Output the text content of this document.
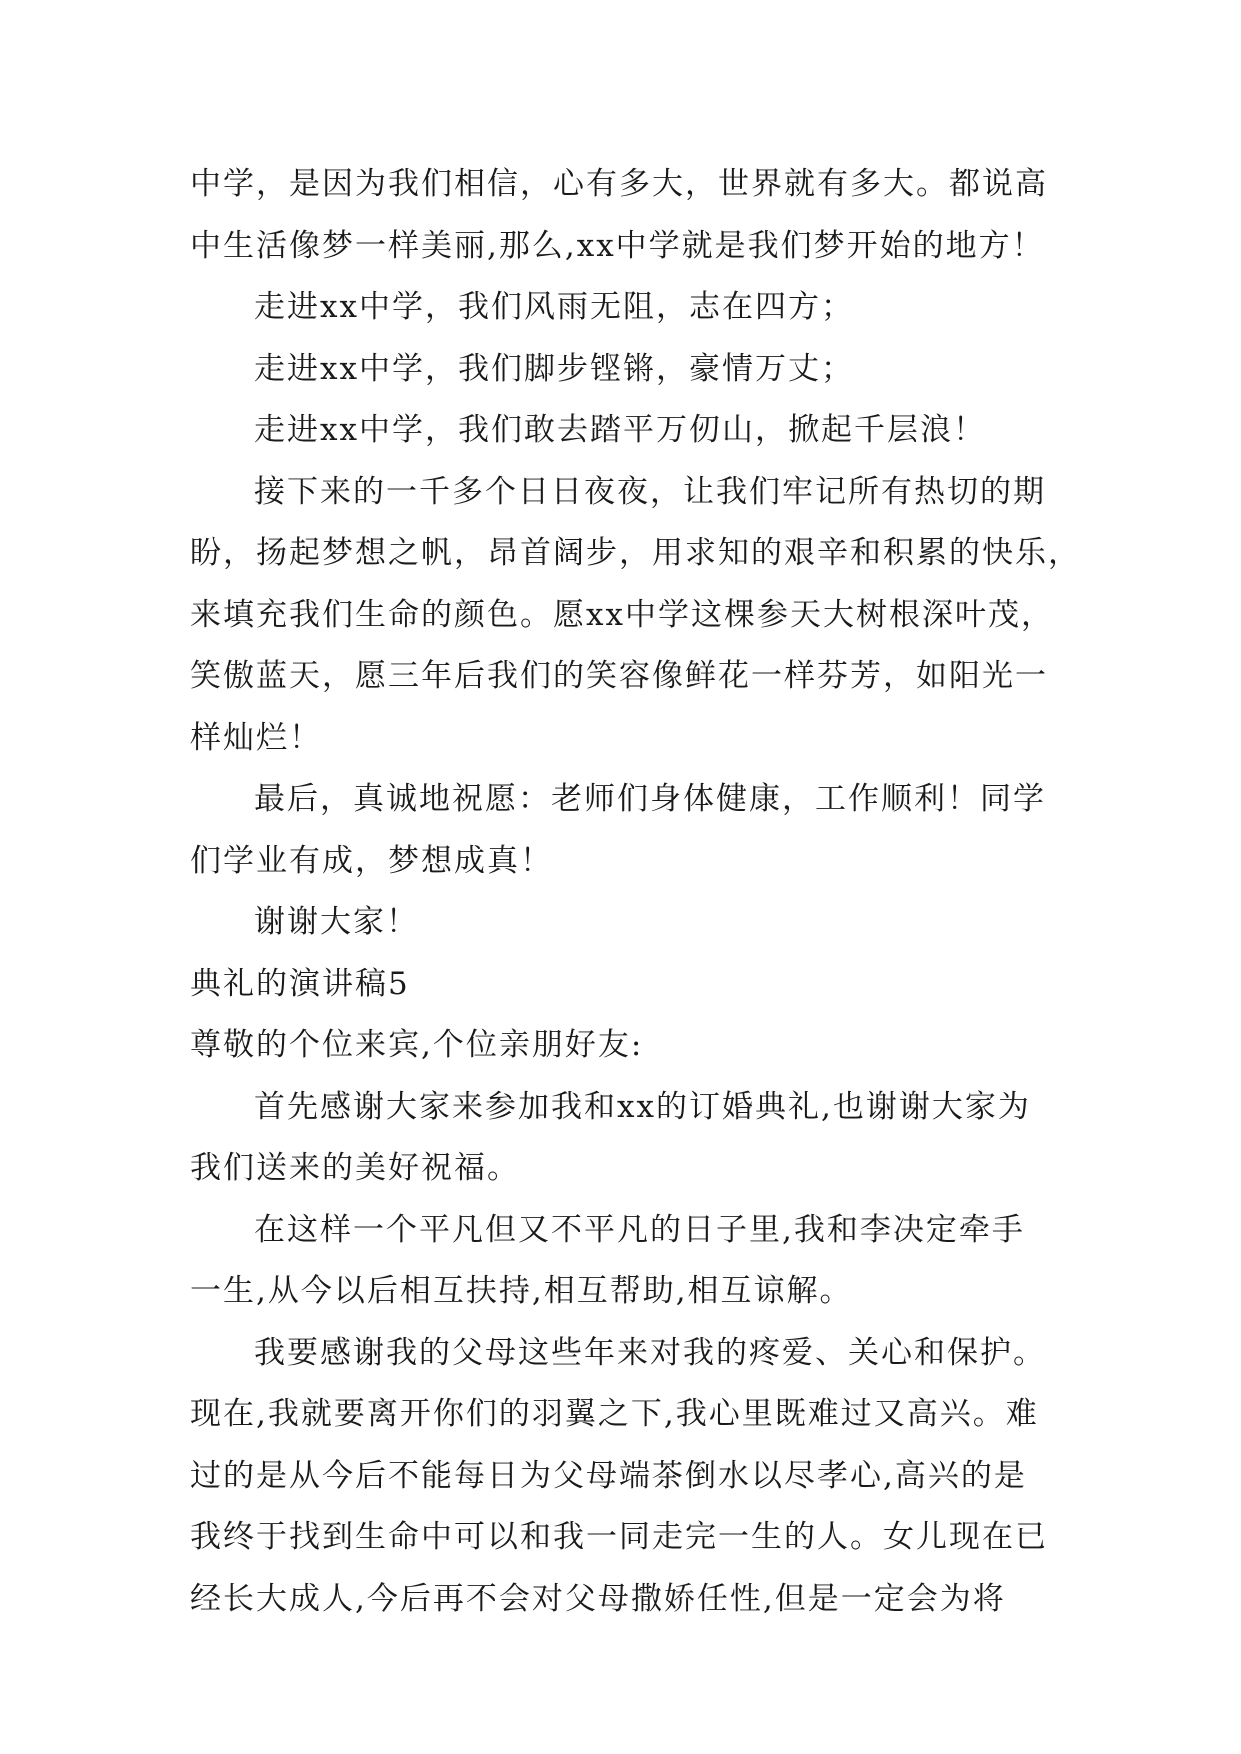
中学，是因为我们相信，心有多大，世界就有多大。都说高
中生活像梦一样美丽,那么,xx中学就是我们梦开始的地方！
走进xx中学，我们风雨无阻，志在四方；
走进xx中学，我们脚步铿锵，豪情万丈；
走进xx中学，我们敢去踏平万仞山，掀起千层浪！
接下来的一千多个日日夜夜，让我们牢记所有热切的期
盼，扬起梦想之帆，昂首阔步，用求知的艰辛和积累的快乐，
来填充我们生命的颜色。愿xx中学这棵参天大树根深叶茂，
笑傲蓝天，愿三年后我们的笑容像鲜花一样芬芳，如阳光一
样灿烂！
最后，真诚地祝愿：老师们身体健康，工作顺利！同学
们学业有成，梦想成真！
谢谢大家！
典礼的演讲稿5
尊敬的个位来宾,个位亲朋好友:
首先感谢大家来参加我和xx的订婚典礼,也谢谢大家为
我们送来的美好祝福。
在这样一个平凡但又不平凡的日子里,我和李决定牵手
一生,从今以后相互扶持,相互帮助,相互谅解。
我要感谢我的父母这些年来对我的疼爱、关心和保护。
现在,我就要离开你们的羽翼之下,我心里既难过又高兴。难
过的是从今后不能每日为父母端茶倒水以尽孝心,高兴的是
我终于找到生命中可以和我一同走完一生的人。女儿现在已
经长大成人,今后再不会对父母撒娇任性,但是一定会为将
